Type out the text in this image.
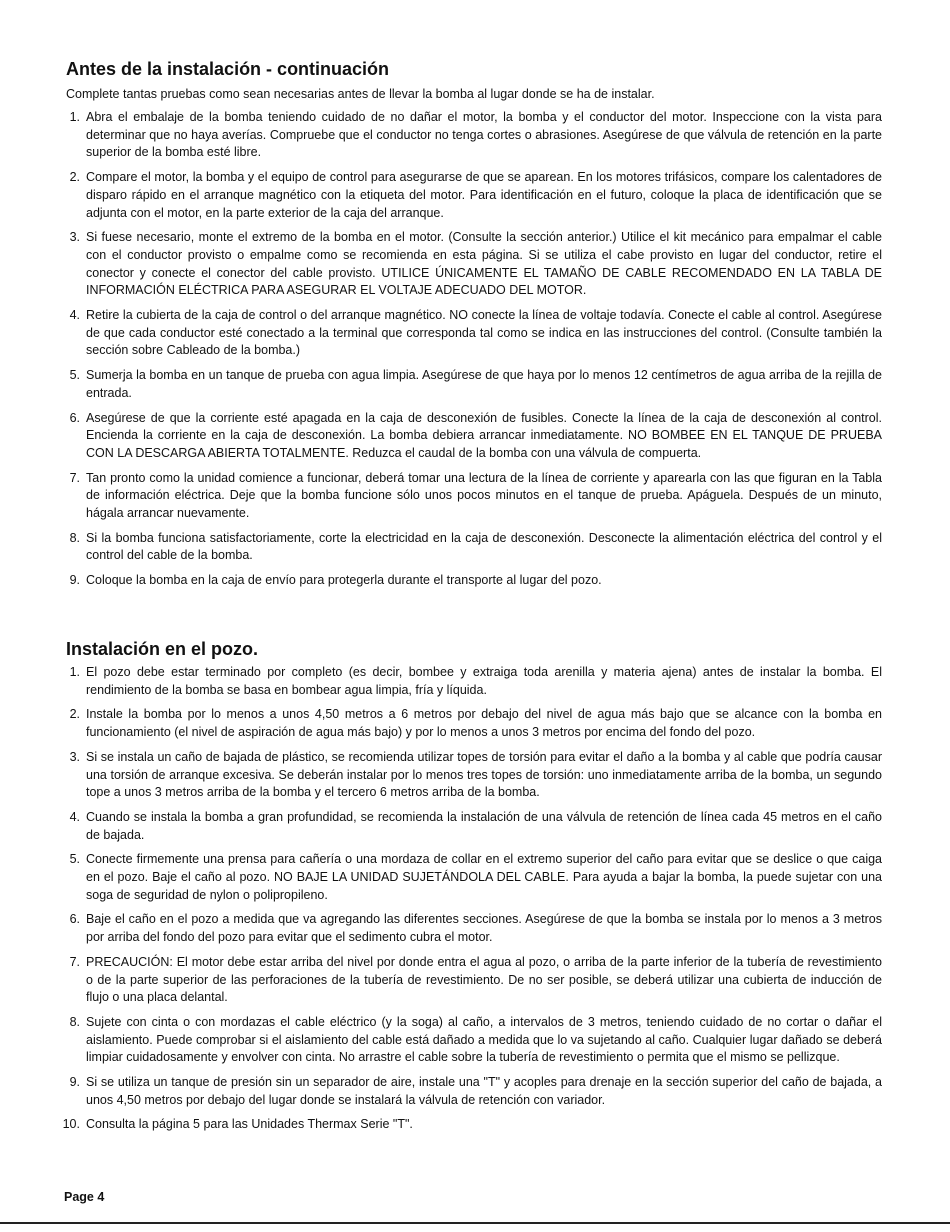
Antes de la instalación - continuación
Complete tantas pruebas como sean necesarias antes de llevar la bomba al lugar donde se ha de instalar.
1. Abra el embalaje de la bomba teniendo cuidado de no dañar el motor, la bomba y el conductor del motor. Inspeccione con la vista para determinar que no haya averías. Compruebe que el conductor no tenga cortes o abrasiones. Asegúrese de que válvula de retención en la parte superior de la bomba esté libre.
2. Compare el motor, la bomba y el equipo de control para asegurarse de que se aparean. En los motores trifásicos, compare los calentadores de disparo rápido en el arranque magnético con la etiqueta del motor. Para identificación en el futuro, coloque la placa de identificación que se adjunta con el motor, en la parte exterior de la caja del arranque.
3. Si fuese necesario, monte el extremo de la bomba en el motor. (Consulte la sección anterior.) Utilice el kit mecánico para empalmar el cable con el conductor provisto o empalme como se recomienda en esta página. Si se utiliza el cabe provisto en lugar del conductor, retire el conector y conecte el conector del cable provisto. UTILICE ÚNICAMENTE EL TAMAÑO DE CABLE RECOMENDADO EN LA TABLA DE INFORMACIÓN ELÉCTRICA PARA ASEGURAR EL VOLTAJE ADECUADO DEL MOTOR.
4. Retire la cubierta de la caja de control o del arranque magnético. NO conecte la línea de voltaje todavía. Conecte el cable al control. Asegúrese de que cada conductor esté conectado a la terminal que corresponda tal como se indica en las instrucciones del control. (Consulte también la sección sobre Cableado de la bomba.)
5. Sumerja la bomba en un tanque de prueba con agua limpia. Asegúrese de que haya por lo menos 12 centímetros de agua arriba de la rejilla de entrada.
6. Asegúrese de que la corriente esté apagada en la caja de desconexión de fusibles. Conecte la línea de la caja de desconexión al control. Encienda la corriente en la caja de desconexión. La bomba debiera arrancar inmediatamente. NO BOMBEE EN EL TANQUE DE PRUEBA CON LA DESCARGA ABIERTA TOTALMENTE. Reduzca el caudal de la bomba con una válvula de compuerta.
7. Tan pronto como la unidad comience a funcionar, deberá tomar una lectura de la línea de corriente y aparearla con las que figuran en la Tabla de información eléctrica. Deje que la bomba funcione sólo unos pocos minutos en el tanque de prueba. Apáguela. Después de un minuto, hágala arrancar nuevamente.
8. Si la bomba funciona satisfactoriamente, corte la electricidad en la caja de desconexión. Desconecte la alimentación eléctrica del control y el control del cable de la bomba.
9. Coloque la bomba en la caja de envío para protegerla durante el transporte al lugar del pozo.
Instalación en el pozo.
1. El pozo debe estar terminado por completo (es decir, bombee y extraiga toda arenilla y materia ajena) antes de instalar la bomba. El rendimiento de la bomba se basa en bombear agua limpia, fría y líquida.
2. Instale la bomba por lo menos a unos 4,50 metros a 6 metros por debajo del nivel de agua más bajo que se alcance con la bomba en funcionamiento (el nivel de aspiración de agua más bajo) y por lo menos a unos 3 metros por encima del fondo del pozo.
3. Si se instala un caño de bajada de plástico, se recomienda utilizar topes de torsión para evitar el daño a la bomba y al cable que podría causar una torsión de arranque excesiva. Se deberán instalar por lo menos tres topes de torsión: uno inmediatamente arriba de la bomba, un segundo tope a unos 3 metros arriba de la bomba y el tercero 6 metros arriba de la bomba.
4. Cuando se instala la bomba a gran profundidad, se recomienda la instalación de una válvula de retención de línea cada 45 metros en el caño de bajada.
5. Conecte firmemente una prensa para cañería o una mordaza de collar en el extremo superior del caño para evitar que se deslice o que caiga en el pozo. Baje el caño al pozo. NO BAJE LA UNIDAD SUJETÁNDOLA DEL CABLE. Para ayuda a bajar la bomba, la puede sujetar con una soga de seguridad de nylon o polipropileno.
6. Baje el caño en el pozo a medida que va agregando las diferentes secciones. Asegúrese de que la bomba se instala por lo menos a 3 metros por arriba del fondo del pozo para evitar que el sedimento cubra el motor.
7. PRECAUCIÓN: El motor debe estar arriba del nivel por donde entra el agua al pozo, o arriba de la parte inferior de la tubería de revestimiento o de la parte superior de las perforaciones de la tubería de revestimiento. De no ser posible, se deberá utilizar una cubierta de inducción de flujo o una placa delantal.
8. Sujete con cinta o con mordazas el cable eléctrico (y la soga) al caño, a intervalos de 3 metros, teniendo cuidado de no cortar o dañar el aislamiento. Puede comprobar si el aislamiento del cable está dañado a medida que lo va sujetando al caño. Cualquier lugar dañado se deberá limpiar cuidadosamente y envolver con cinta. No arrastre el cable sobre la tubería de revestimiento o permita que el mismo se pellizque.
9. Si se utiliza un tanque de presión sin un separador de aire, instale una "T" y acoples para drenaje en la sección superior del caño de bajada, a unos 4,50 metros por debajo del lugar donde se instalará la válvula de retención con variador.
10. Consulta la página 5 para las Unidades Thermax Serie "T".
Page 4
